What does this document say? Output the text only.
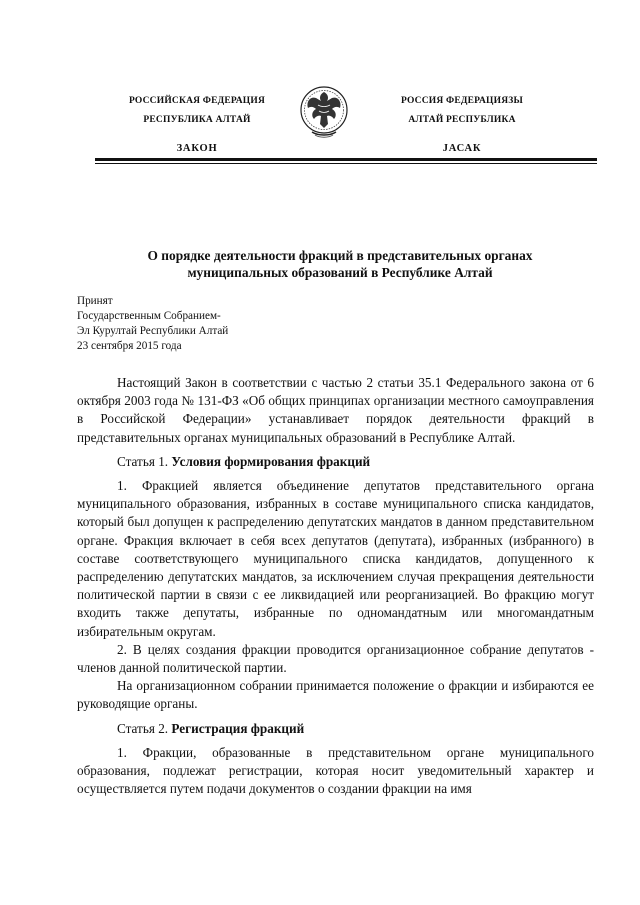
РОССИЙСКАЯ ФЕДЕРАЦИЯ
РЕСПУБЛИКА АЛТАЙ
ЗАКОН
РОССИЯ ФЕДЕРАЦИЯЗЫ
АЛТАЙ РЕСПУБЛИКА
ЈАСАК
О порядке деятельности фракций в представительных органах
муниципальных образований в Республике Алтай
Принят
Государственным Собранием-
Эл Курултай Республики Алтай
23 сентября 2015 года

Настоящий Закон в соответствии с частью 2 статьи 35.1 Федерального закона от 6 октября 2003 года № 131-ФЗ «Об общих принципах организации местного самоуправления в Российской Федерации» устанавливает порядок деятельности фракций в представительных органах муниципальных образований в Республике Алтай.

Статья 1. Условия формирования фракций

1. Фракцией является объединение депутатов представительного органа муниципального образования, избранных в составе муниципального списка кандидатов, который был допущен к распределению депутатских мандатов в данном представительном органе. Фракция включает в себя всех депутатов (депутата), избранных (избранного) в составе соответствующего муниципального списка кандидатов, допущенного к распределению депутатских мандатов, за исключением случая прекращения деятельности политической партии в связи с ее ликвидацией или реорганизацией. Во фракцию могут входить также депутаты, избранные по одномандатным или многомандатным избирательным округам.

2. В целях создания фракции проводится организационное собрание депутатов - членов данной политической партии.

На организационном собрании принимается положение о фракции и избираются ее руководящие органы.

Статья 2. Регистрация фракций

1. Фракции, образованные в представительном органе муниципального образования, подлежат регистрации, которая носит уведомительный характер и осуществляется путем подачи документов о создании фракции на имя
